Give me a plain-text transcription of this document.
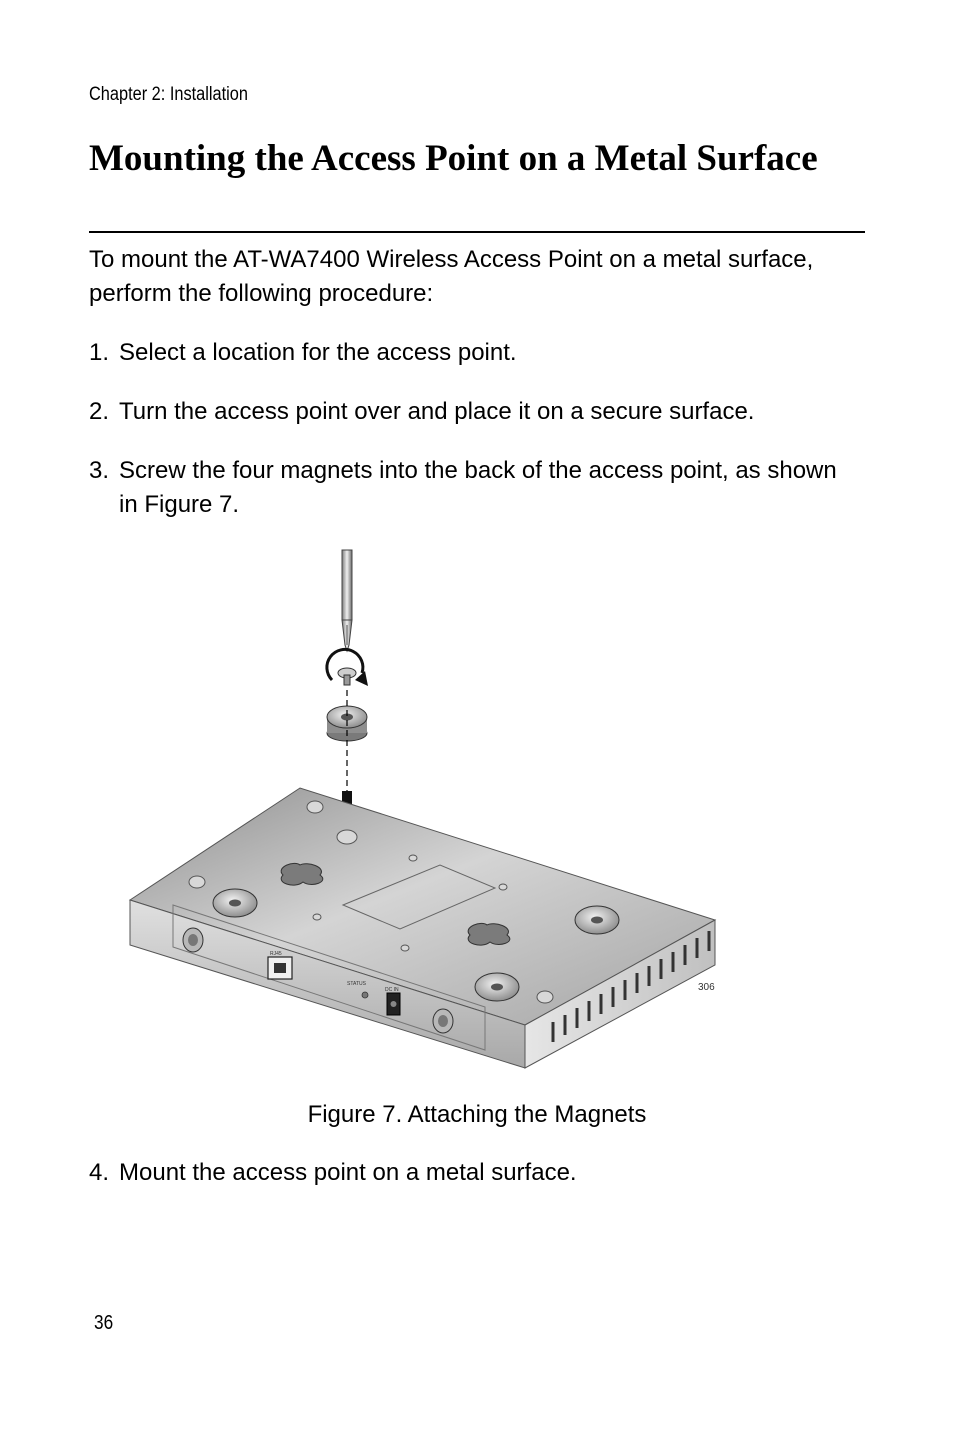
Chapter 2: Installation
Mounting the Access Point on a Metal Surface

To mount the AT-WA7400 Wireless Access Point on a metal surface, perform the following procedure:

1. Select a location for the access point.
2. Turn the access point over and place it on a secure surface.
3. Screw the four magnets into the back of the access point, as shown in Figure 7.
RJ45
STATUS
DC IN	306
Figure 7. Attaching the Magnets
4. Mount the access point on a metal surface.
36
